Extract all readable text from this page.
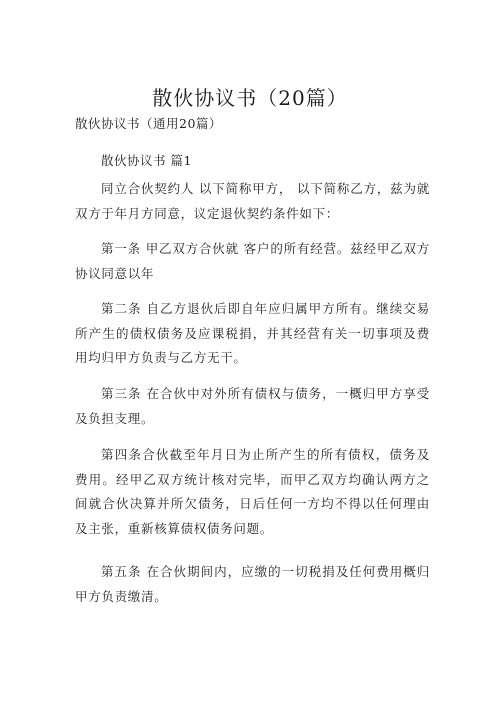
散伙协议书（20篇）
散伙协议书（通用20篇）
散伙协议书 篇1

同立合伙契约人 以下简称甲方， 以下简称乙方，兹为就双方于年月方同意，议定退伙契约条件如下：

第一条 甲乙双方合伙就 客户的所有经营。兹经甲乙双方协议同意以年

第二条 自乙方退伙后即自年应归属甲方所有。继续交易所产生的债权债务及应课税捐，并其经营有关一切事项及费用均归甲方负责与乙方无干。

第三条 在合伙中对外所有债权与债务，一概归甲方享受及负担支理。

第四条合伙截至年月日为止所产生的所有债权，债务及费用。经甲乙双方统计核对完毕，而甲乙双方均确认两方之间就合伙决算并所欠债务，日后任何一方均不得以任何理由及主张，重新核算债权债务问题。

第五条 在合伙期间内，应缴的一切税捐及任何费用概归甲方负责缴清。
